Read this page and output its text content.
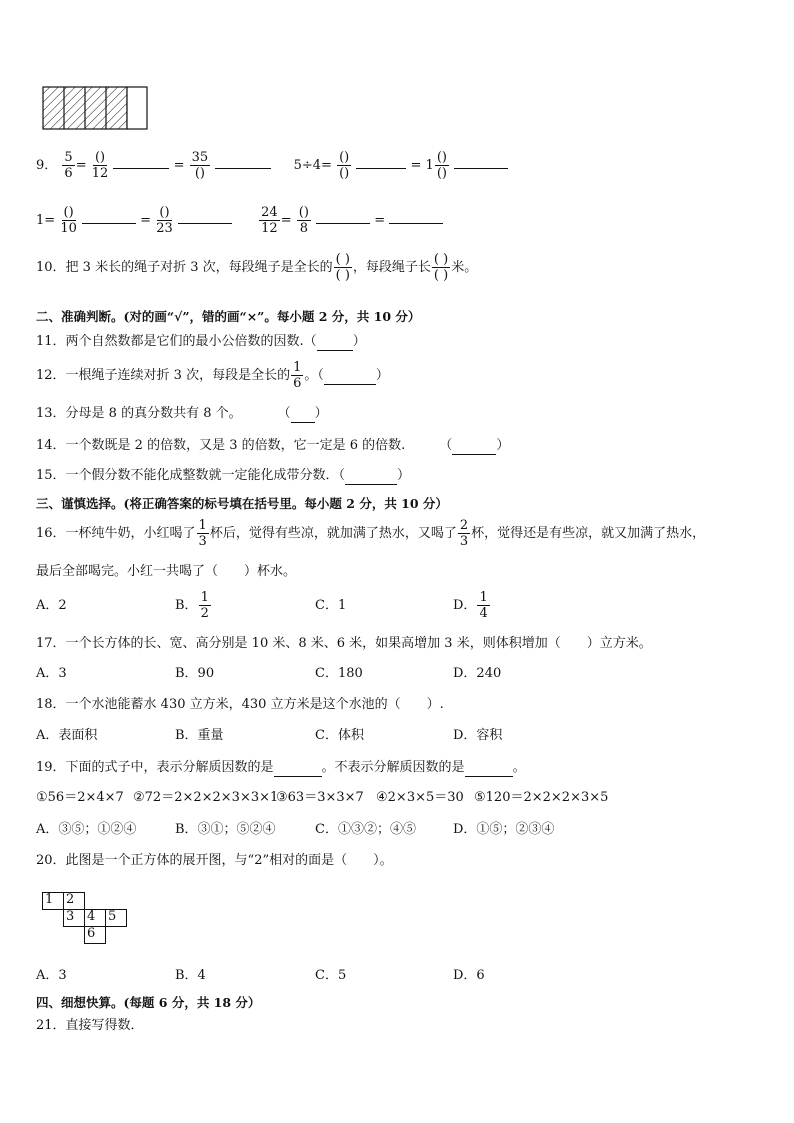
9． $\frac{5}{6} = \frac{()}{12}$	= $\frac{35}{()}$	$5\div 4= \frac{()}{()}$	= $1 \frac{()}{()}$

$1= \frac{()}{10}$	= $\frac{()}{23}$
	$\frac{24}{12} = \frac{()}{8}$	=
10．把 3 米长的绳子对折 3 次，每段绳子是全长的 $\frac{( )}{( )}$ ，每段绳子长 $\frac{( )}{( )}$ 米。
二、准确判断。(对的画“√”，错的画“×”。每小题 2 分，共 10 分）
11．两个自然数都是它们的最小公倍数的因数.（	）
12．一根绳子连续对折 3 次，每段是全长的 $\frac{1}{6}$ 。（	）
13．分母是 8 的真分数共有 8 个。	（ ）
14．一个数既是 2 的倍数，又是 3 的倍数，它一定是 6 的倍数.	（	）
15．一个假分数不能化成整数就一定能化成带分数．（	）
三、谨慎选择。(将正确答案的标号填在括号里。每小题 2 分，共 10 分）
16．一杯纯牛奶，小红喝了 $\frac{1}{3}$ 杯后，觉得有些凉，就加满了热水，又喝了 $\frac{2}{3}$ 杯，觉得还是有些凉，就又加满了热水，
最后全部喝完。小红一共喝了（　　）杯水。
A．2	B． $\frac{1}{2}$	C．1	D． $\frac{1}{4}$
17．一个长方体的长、宽、高分别是 10 米、8 米、6 米，如果高增加 3 米，则体积增加（　　）立方米。
A．3	B．90	C．180	D．240
18．一个水池能蓄水 430 立方米，430 立方米是这个水池的（　　）.
A．表面积	B．重量	C．体积	D．容积
19．下面的式子中，表示分解质因数的是	。不表示分解质因数的是	。
①56＝2×4×7 ②72＝2×2×2×3×3×1
③63＝3×3×7 ④2×3×5＝30 ⑤120＝2×2×2×3×5
A．③⑤；①②④	B．③①；⑤②④	C．①③②；④⑤	D．①⑤；②③④
20．此图是一个正方体的展开图，与“2”相对的面是（　　）。
1	2		
	3	4	5
		6	
A．3	B．4	C．5	D．6
四、细想快算。(每题 6 分，共 18 分）
21．直接写得数．
